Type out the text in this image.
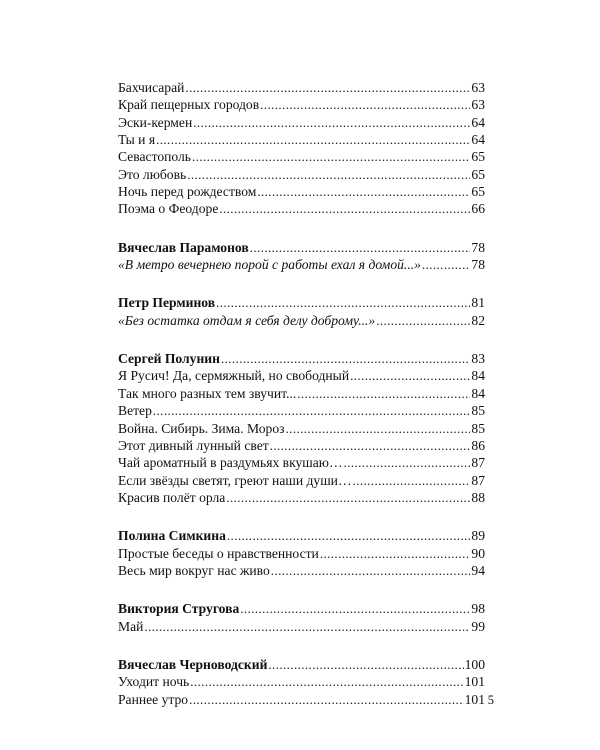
Бахчисарай .....	63
Край пещерных городов .....	63
Эски-кермен .....	64
Ты и я .....	64
Севастополь .....	65
Это любовь .....	65
Ночь перед рождеством .....	65
Поэма о Феодоре .....	66
Вячеслав Парамонов .....	78
«В метро вечернею порой с работы ехал я домой...» .....	78
Петр Перминов .....	81
«Без остатка отдам я себя делу доброму...» .....	82
Сергей Полунин .....	83
Я Русич! Да, сермяжный, но свободный .....	84
Так много разных тем звучит... .....	84
Ветер .....	85
Война. Сибирь. Зима. Мороз .....	85
Этот дивный лунный свет .....	86
Чай ароматный в раздумьях вкушаю… .....	87
Если звёзды светят, греют наши души… .....	87
Красив полёт орла .....	88
Полина Симкина .....	89
Простые беседы о нравственности .....	90
Весь мир вокруг нас живо .....	94
Виктория Стругова .....	98
Май .....	99
Вячеслав Черноводский .....	100
Уходит ночь .....	101
Раннее утро .....	101 5
